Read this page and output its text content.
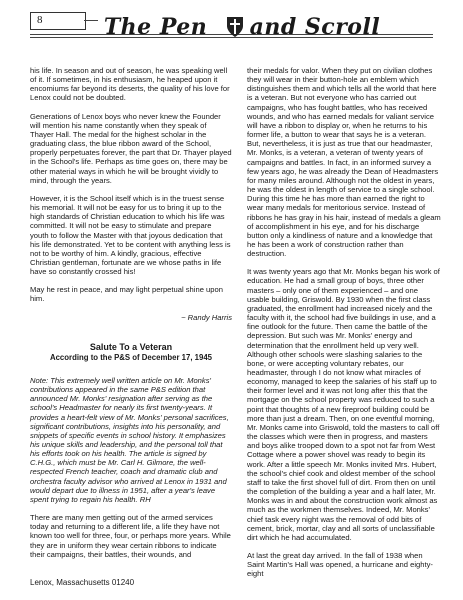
8	The Pen and Scroll

his life. In season and out of season, he was speaking well of it. If sometimes, in his enthusiasm, he heaped upon it encomiums far beyond its deserts, the quality of his love for Lenox could not be doubted.

Generations of Lenox boys who never knew the Founder will mention his name constantly when they speak of Thayer Hall. The medal for the highest scholar in the graduating class, the blue ribbon award of the School, properly perpetuates forever, the part that Dr. Thayer played in the School's life. Perhaps as time goes on, there may be other material ways in which he will be brought vividly to mind, through the years.

However, it is the School itself which is in the truest sense his memorial. It will not be easy for us to bring it up to the high standards of Christian education to which his life was committed. It will not be easy to stimulate and prepare youth to follow the Master with that joyous dedication that his life demonstrated. Yet to be content with anything less is not to be worthy of him. A kindly, gracious, effective Christian gentleman, fortunate are we whose paths in life have so constantly crossed his!

May he rest in peace, and may light perpetual shine upon him.

~ Randy Harris

Salute To a Veteran

According to the P&S of December 17, 1945

Note: This extremely well written article on Mr. Monks' contributions appeared in the same P&S edition that announced Mr. Monks' resignation after serving as the school's Headmaster for nearly its first twenty-years. It provides a heart-felt view of Mr. Monks' personal sacrifices, significant contributions, insights into his personality, and snippets of specific events in school history. It emphasizes his unique skills and leadership, and the personal toll that his efforts took on his health. The article is signed by C.H.G., which must be Mr. Carl H. Gilmore, the well-respected French teacher, coach and dramatic club and orchestra faculty advisor who arrived at Lenox in 1931 and would depart due to illness in 1951, after a year's leave spent trying to regain his health. RH

There are many men getting out of the armed services today and returning to a different life, a life they have not known too well for three, four, or perhaps more years. While they are in uniform they wear certain ribbons to indicate their campaigns, their battles, their wounds, and

their medals for valor. When they put on civilian clothes they will wear in their button-hole an emblem which distinguishes them and which tells all the world that here is a veteran. But not everyone who has carried out campaigns, who has fought battles, who has received wounds, and who has earned medals for valiant service will have a ribbon to display or, when he returns to his former life, a button to wear that says he is a veteran. But, nevertheless, it is just as true that our headmaster, Mr. Monks, is a veteran, a veteran of twenty years of campaigns and battles. In fact, in an informed survey a few years ago, he was already the Dean of Headmasters for many miles around. Although not the oldest in years, he was the oldest in length of service to a single school. During this time he has more than earned the right to wear many medals for meritorious service. Instead of ribbons he has gray in his hair, instead of medals a gleam of accomplishment in his eye, and for his discharge button only a kindliness of nature and a knowledge that he has been a work of construction rather than destruction.

It was twenty years ago that Mr. Monks began his work of education. He had a small group of boys, three other masters – only one of them experienced – and one usable building, Griswold. By 1930 when the first class graduated, the enrollment had increased nicely and the faculty with it, the school had five buildings in use, and a fine outlook for the future. Then came the battle of the depression. But such was Mr. Monks' energy and determination that the enrollment held up very well. Although other schools were slashing salaries to the bone, or were accepting voluntary rebates, our headmaster, through I do not know what miracles of economy, managed to keep the salaries of his staff up to their former level and it was not long after this that the mortgage on the school property was reduced to such a point that thoughts of a new fireproof building could be more than just a dream. Then, on one eventful morning, Mr. Monks came into Griswold, told the masters to call off the classes which were then in progress, and masters and boys alike trooped down to a spot not far from West Cottage where a power shovel was ready to begin its work. After a little speech Mr. Monks invited Mrs. Hubert, the school's chief cook and oldest member of the school staff to take the first shovel full of dirt. From then on until the completion of the building a year and a half later, Mr. Monks was in and about the construction work almost as much as the workmen themselves. Indeed, Mr. Monks' chief task every night was the removal of odd bits of cement, brick, mortar, clay and all sorts of unclassifiable dirt which he had accumulated.

At last the great day arrived. In the fall of 1938 when Saint Martin's Hall was opened, a hurricane and eighty-eight

Lenox, Massachusetts 01240
